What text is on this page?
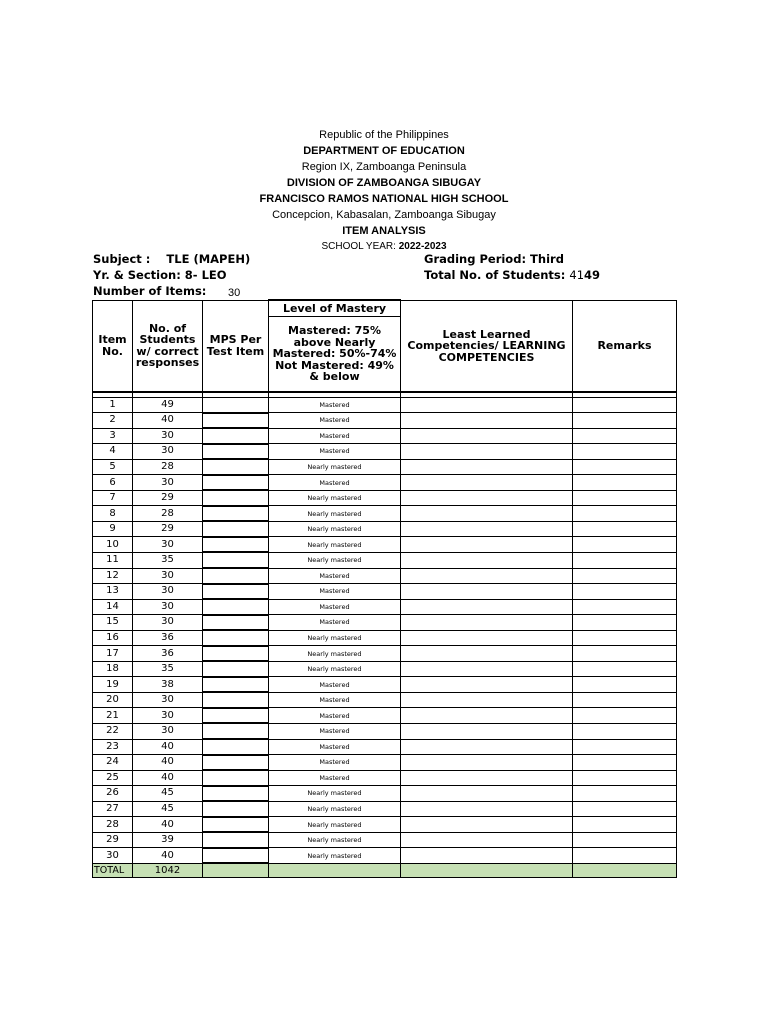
Republic of the Philippines
DEPARTMENT OF EDUCATION
Region IX, Zamboanga Peninsula
DIVISION OF ZAMBOANGA SIBUGAY
FRANCISCO RAMOS NATIONAL HIGH SCHOOL
Concepcion, Kabasalan, Zamboanga Sibugay
ITEM ANALYSIS
SCHOOL YEAR: 2022-2023
Subject : TLE (MAPEH)
Yr. & Section: 8- LEO
Number of Items: 30
Grading Period: Third
Total No. of Students: 4149
Item No.	No. of Students w/ correct responses	MPS Per Test Item	Level of Mastery	Least Learned Competencies/ LEARNING COMPETENCIES	Remarks
			Mastered: 75% above Nearly Mastered: 50%-74% Not Mastered: 49% & below		

1	49		Mastered		
2	40		Mastered		
3	30		Mastered		
4	30		Mastered		
5	28		Nearly mastered		
6	30		Mastered		
7	29		Nearly mastered		
8	28		Nearly mastered		
9	29		Nearly mastered		
10	30		Nearly mastered		
11	35		Nearly mastered		
12	30		Mastered		
13	30		Mastered		
14	30		Mastered		
15	30		Mastered		
16	36		Nearly mastered		
17	36		Nearly mastered		
18	35		Nearly mastered		
19	38		Mastered		
20	30		Mastered		
21	30		Mastered		
22	30		Mastered		
23	40		Mastered		
24	40		Mastered		
25	40		Mastered		
26	45		Nearly mastered		
27	45		Nearly mastered		
28	40		Nearly mastered		
29	39		Nearly mastered		
30	40		Nearly mastered		
TOTAL	1042				
